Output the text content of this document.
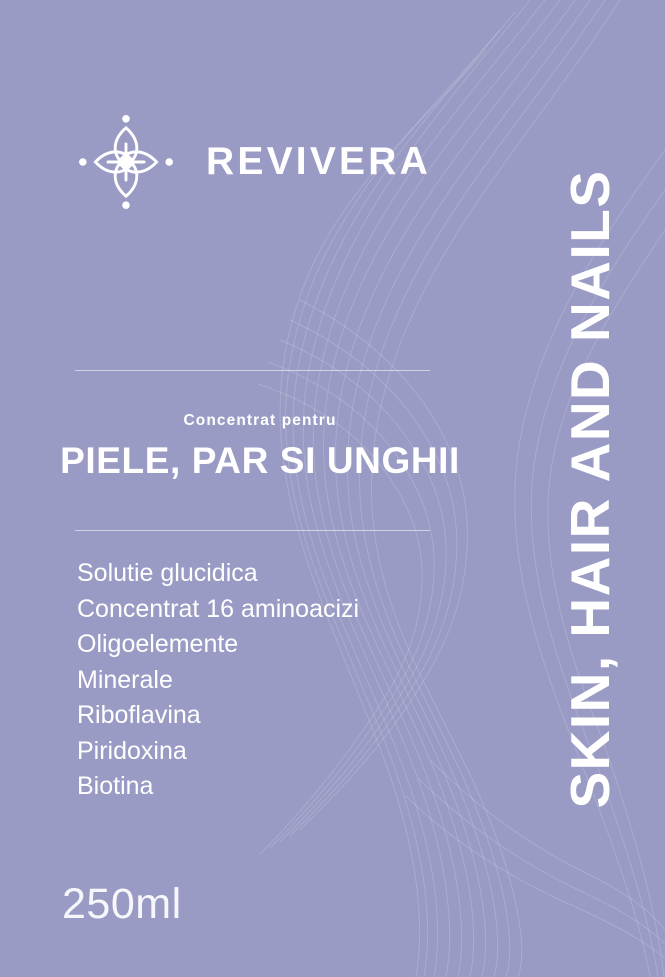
REVIVERA

Concentrat pentru

PIELE, PAR SI UNGHII

Solutie glucidica
Concentrat 16 aminoacizi
Oligoelemente
Minerale
Riboflavina
Piridoxina
Biotina
250ml
SKIN, HAIR AND NAILS
